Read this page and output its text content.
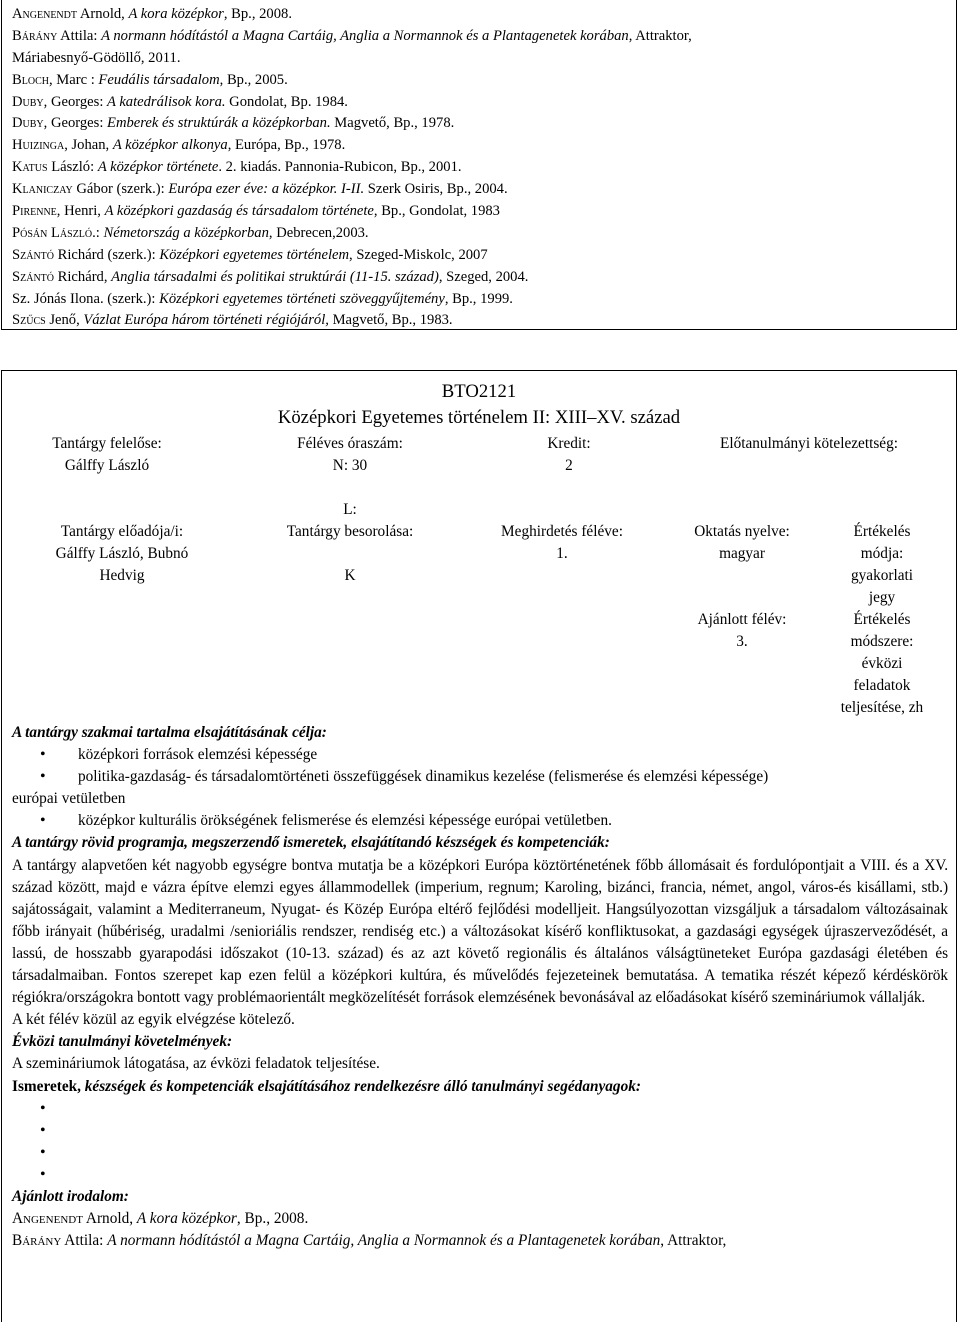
Angenendt Arnold, A kora középkor, Bp., 2008.
Bárány Attila: A normann hódítástól a Magna Cartáig, Anglia a Normannok és a Plantagenetek korában, Attraktor,
Máriabesnyő-Gödöllő, 2011.
Bloch, Marc : Feudális társadalom, Bp., 2005.
Duby, Georges: A katedrálisok kora. Gondolat, Bp. 1984.
Duby, Georges: Emberek és struktúrák a középkorban. Magvető, Bp., 1978.
Huizinga, Johan, A középkor alkonya, Európa, Bp., 1978.
Katus László: A középkor története. 2. kiadás. Pannonia-Rubicon, Bp., 2001.
Klaniczay Gábor (szerk.): Európa ezer éve: a középkor. I-II. Szerk Osiris, Bp., 2004.
Pirenne, Henri, A középkori gazdaság és társadalom története, Bp., Gondolat, 1983
Pósán László.: Németország a középkorban, Debrecen,2003.
Szántó Richárd (szerk.): Középkori egyetemes történelem, Szeged-Miskolc, 2007
Szántó Richárd, Anglia társadalmi és politikai struktúrái (11-15. század), Szeged, 2004.
Sz. Jónás Ilona. (szerk.): Középkori egyetemes történeti szöveggyűjtemény, Bp., 1999.
Szűcs Jenő, Vázlat Európa három történeti régiójáról, Magvető, Bp., 1983.
BTO2121
Középkori Egyetemes történelem II: XIII–XV. század
Tantárgy felelőse:
Gálffy László
Féléves óraszám:
N: 30
Kredit:
2
Előtanulmányi kötelezettség:
L:
Tantárgy előadója/i:
Gálffy László, Bubnó
Hedvig
Tantárgy besorolása:
K
Meghirdetés féléve:
1.
Oktatás nyelve:
magyar
Ajánlott félév:
3.
Értékelés
módja:
gyakorlati
jegy
Értékelés
módszere:
évközi
feladatok
teljesítése, zh
A tantárgy szakmai tartalma elsajátításának célja:
• középkori források elemzési képessége
• politika-gazdaság- és társadalomtörténeti összefüggések dinamikus kezelése (felismerése és elemzési képessége)
európai vetületben
• középkor kulturális örökségének felismerése és elemzési képessége európai vetületben.
A tantárgy rövid programja, megszerzendő ismeretek, elsajátítandó készségek és kompetenciák:
A tantárgy alapvetően két nagyobb egységre bontva mutatja be a középkori Európa köztörténetének főbb állomásait és fordulópontjait a VIII. és a XV. század között, majd e vázra építve elemzi egyes állammodellek (imperium, regnum; Karoling, bizánci, francia, német, angol, város-és kisállami, stb.) sajátosságait, valamint a Mediterraneum, Nyugat- és Közép Európa eltérő fejlődési modelljeit. Hangsúlyozottan vizsgáljuk a társadalom változásainak főbb irányait (hűbériség, uradalmi /senioriális rendszer, rendiség etc.) a változásokat kísérő konfliktusokat, a gazdasági egységek újraszerveződését, a lassú, de hosszabb gyarapodási időszakot (10-13. század) és az azt követő regionális és általános válságtüneteket Európa gazdasági életében és társadalmaiban. Fontos szerepet kap ezen felül a középkori kultúra, és művelődés fejezeteinek bemutatása. A tematika részét képező kérdéskörök régiókra/országokra bontott vagy problémaorientált megközelítését források elemzésének bevonásával az előadásokat kísérő szemináriumok vállalják.
A két félév közül az egyik elvégzése kötelező.
Évközi tanulmányi követelmények:
A szemináriumok látogatása, az évközi feladatok teljesítése.
Ismeretek, készségek és kompetenciák elsajátításához rendelkezésre álló tanulmányi segédanyagok:
•
•
•
•
Ajánlott irodalom:
Angenendt Arnold, A kora középkor, Bp., 2008.
Bárány Attila: A normann hódítástól a Magna Cartáig, Anglia a Normannok és a Plantagenetek korában, Attraktor,
